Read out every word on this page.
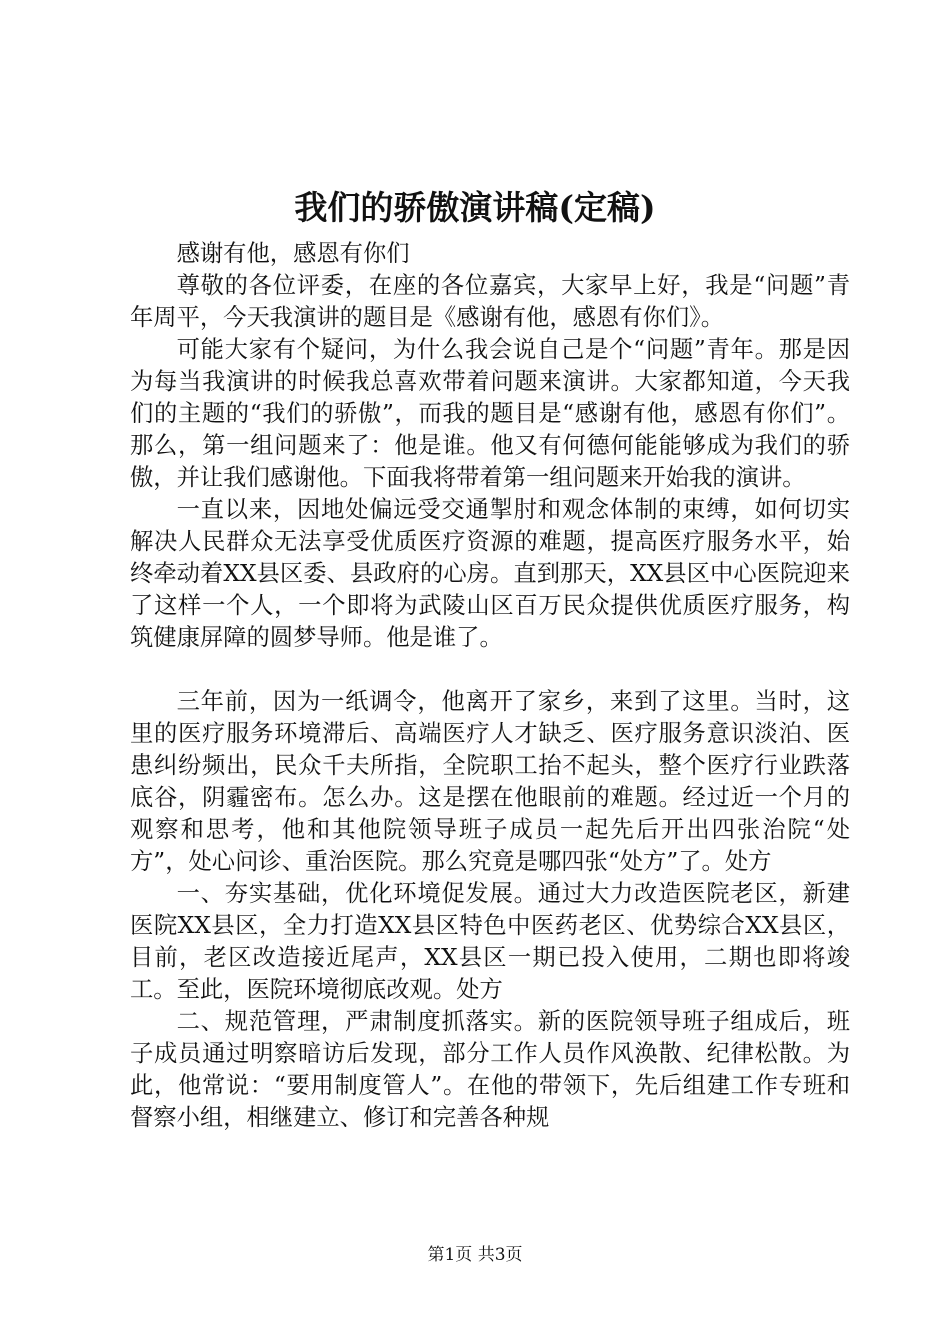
我们的骄傲演讲稿(定稿)

感谢有他，感恩有你们

尊敬的各位评委，在座的各位嘉宾，大家早上好，我是“问题”青年周平，今天我演讲的题目是《感谢有他，感恩有你们》。

可能大家有个疑问，为什么我会说自己是个“问题”青年。那是因为每当我演讲的时候我总喜欢带着问题来演讲。大家都知道，今天我们的主题的“我们的骄傲”，而我的题目是“感谢有他，感恩有你们”。那么，第一组问题来了：他是谁。他又有何德何能能够成为我们的骄傲，并让我们感谢他。下面我将带着第一组问题来开始我的演讲。

一直以来，因地处偏远受交通掣肘和观念体制的束缚，如何切实解决人民群众无法享受优质医疗资源的难题，提高医疗服务水平，始终牵动着XX县区委、县政府的心房。直到那天，XX县区中心医院迎来了这样一个人，一个即将为武陵山区百万民众提供优质医疗服务，构筑健康屏障的圆梦导师。他是谁了。

三年前，因为一纸调令，他离开了家乡，来到了这里。当时，这里的医疗服务环境滞后、高端医疗人才缺乏、医疗服务意识淡泊、医患纠纷频出，民众千夫所指，全院职工抬不起头，整个医疗行业跌落底谷，阴霾密布。怎么办。这是摆在他眼前的难题。经过近一个月的观察和思考，他和其他院领导班子成员一起先后开出四张治院“处方”，处心问诊、重治医院。那么究竟是哪四张“处方”了。处方

一、夯实基础，优化环境促发展。通过大力改造医院老区，新建医院XX县区，全力打造XX县区特色中医药老区、优势综合XX县区，目前，老区改造接近尾声，XX县区一期已投入使用，二期也即将竣工。至此，医院环境彻底改观。处方

二、规范管理，严肃制度抓落实。新的医院领导班子组成后，班子成员通过明察暗访后发现，部分工作人员作风涣散、纪律松散。为此，他常说：“要用制度管人”。在他的带领下，先后组建工作专班和督察小组，相继建立、修订和完善各种规

第1页 共3页
